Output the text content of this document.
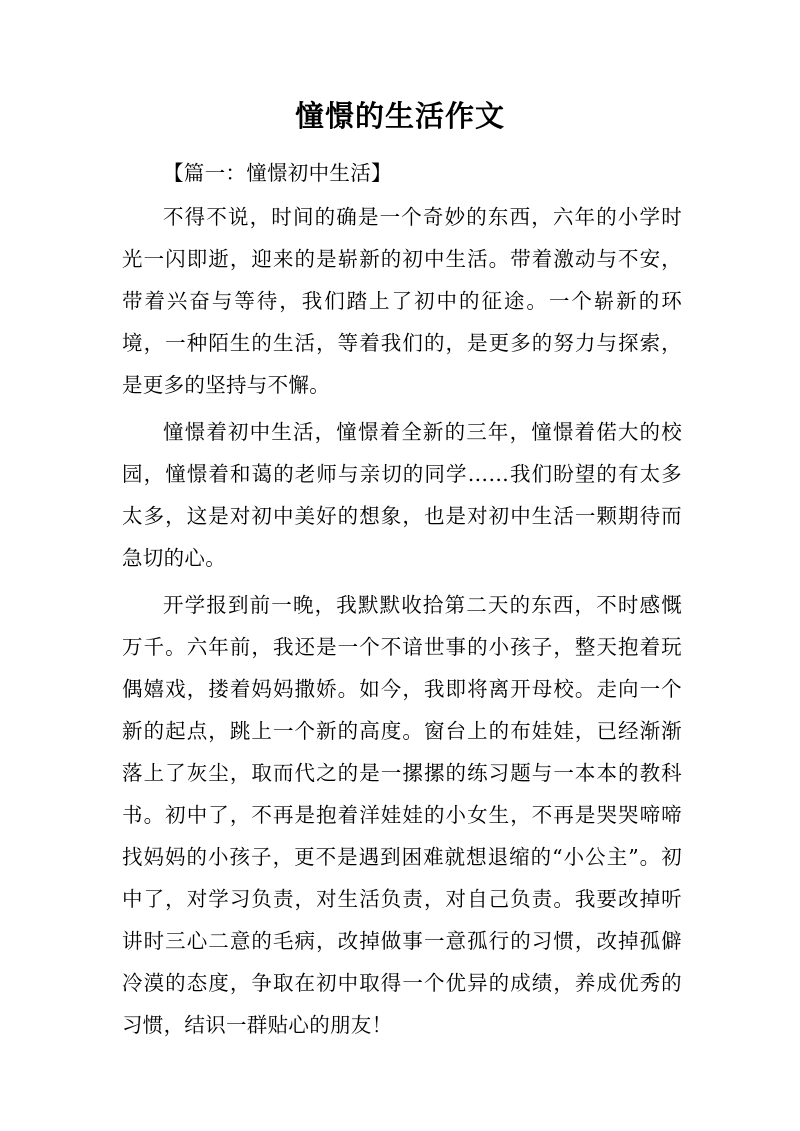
憧憬的生活作文

【篇一：憧憬初中生活】

不得不说，时间的确是一个奇妙的东西，六年的小学时光一闪即逝，迎来的是崭新的初中生活。带着激动与不安，带着兴奋与等待，我们踏上了初中的征途。一个崭新的环境，一种陌生的生活，等着我们的，是更多的努力与探索，是更多的坚持与不懈。

憧憬着初中生活，憧憬着全新的三年，憧憬着偌大的校园，憧憬着和蔼的老师与亲切的同学……我们盼望的有太多太多，这是对初中美好的想象，也是对初中生活一颗期待而急切的心。

开学报到前一晚，我默默收拾第二天的东西，不时感慨万千。六年前，我还是一个不谙世事的小孩子，整天抱着玩偶嬉戏，搂着妈妈撒娇。如今，我即将离开母校。走向一个新的起点，跳上一个新的高度。窗台上的布娃娃，已经渐渐落上了灰尘，取而代之的是一摞摞的练习题与一本本的教科书。初中了，不再是抱着洋娃娃的小女生，不再是哭哭啼啼找妈妈的小孩子，更不是遇到困难就想退缩的“小公主”。初中了，对学习负责，对生活负责，对自己负责。我要改掉听讲时三心二意的毛病，改掉做事一意孤行的习惯，改掉孤僻冷漠的态度，争取在初中取得一个优异的成绩，养成优秀的习惯，结识一群贴心的朋友！
